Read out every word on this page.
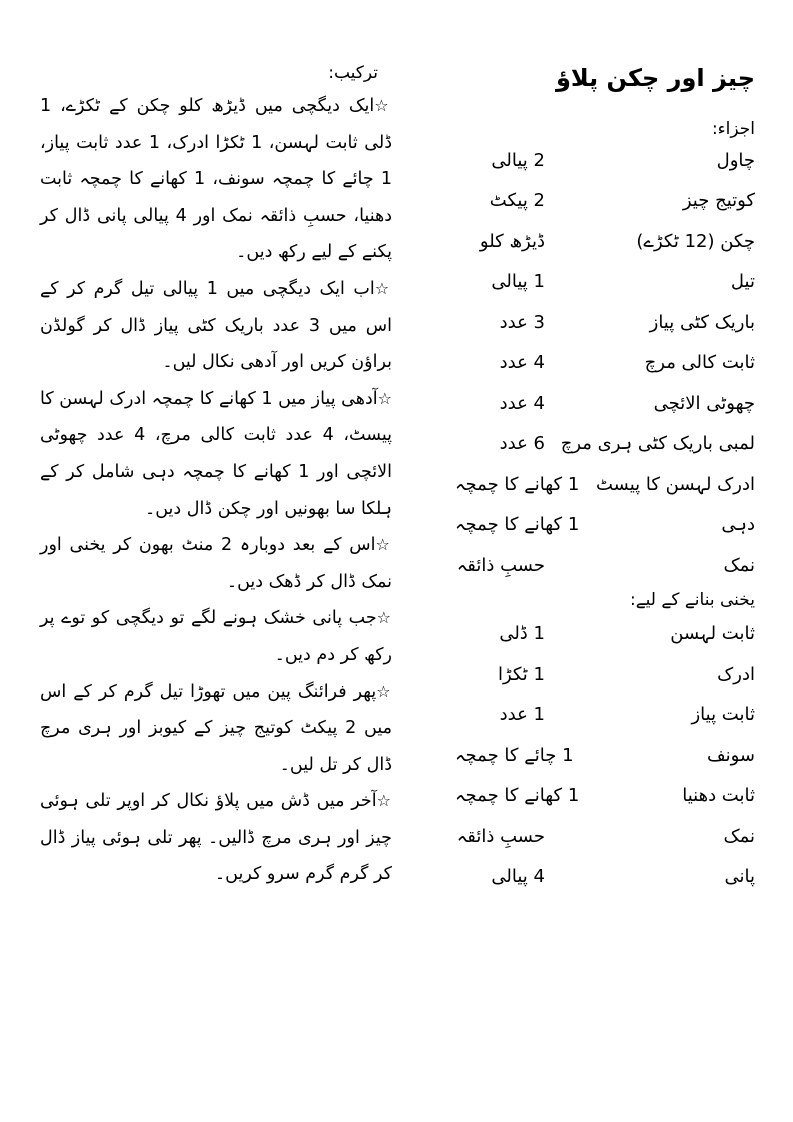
چیز اور چکن پلاؤ
اجزاء:
چاول
2 پیالی
کوتیج چیز
2 پیکٹ
چکن (12 ٹکڑے)
ڈیڑھ کلو
تیل
1 پیالی
باریک کٹی پیاز
3 عدد
ثابت کالی مرچ
4 عدد
چھوٹی الائچی
4 عدد
لمبی باریک کٹی ہری مرچ
6 عدد
ادرک لہسن کا پیسٹ
1 کھانے کا چمچہ
دہی
1 کھانے کا چمچہ
نمک
حسبِ ذائقہ
یخنی بنانے کے لیے:
ثابت لہسن
1 ڈلی
ادرک
1 ٹکڑا
ثابت پیاز
1 عدد
سونف
1 چائے کا چمچہ
ثابت دھنیا
1 کھانے کا چمچہ
نمک
حسبِ ذائقہ
پانی
4 پیالی
ترکیب:

☆ایک دیگچی میں ڈیڑھ کلو چکن کے ٹکڑے، 1 ڈلی ثابت لہسن، 1 ٹکڑا ادرک، 1 عدد ثابت پیاز، 1 چائے کا چمچہ سونف، 1 کھانے کا چمچہ ثابت دھنیا، حسبِ ذائقہ نمک اور 4 پیالی پانی ڈال کر پکنے کے لیے رکھ دیں۔

☆اب ایک دیگچی میں 1 پیالی تیل گرم کر کے اس میں 3 عدد باریک کٹی پیاز ڈال کر گولڈن براؤن کریں اور آدھی نکال لیں۔

☆آدھی پیاز میں 1 کھانے کا چمچہ ادرک لہسن کا پیسٹ، 4 عدد ثابت کالی مرچ، 4 عدد چھوٹی الائچی اور 1 کھانے کا چمچہ دہی شامل کر کے ہلکا سا بھونیں اور چکن ڈال دیں۔

☆اس کے بعد دوبارہ 2 منٹ بھون کر یخنی اور نمک ڈال کر ڈھک دیں۔

☆جب پانی خشک ہونے لگے تو دیگچی کو توے پر رکھ کر دم دیں۔

☆پھر فرائنگ پین میں تھوڑا تیل گرم کر کے اس میں 2 پیکٹ کوتیج چیز کے کیوبز اور ہری مرچ ڈال کر تل لیں۔

☆آخر میں ڈش میں پلاؤ نکال کر اوپر تلی ہوئی چیز اور ہری مرچ ڈالیں۔ پھر تلی ہوئی پیاز ڈال کر گرم گرم سرو کریں۔
